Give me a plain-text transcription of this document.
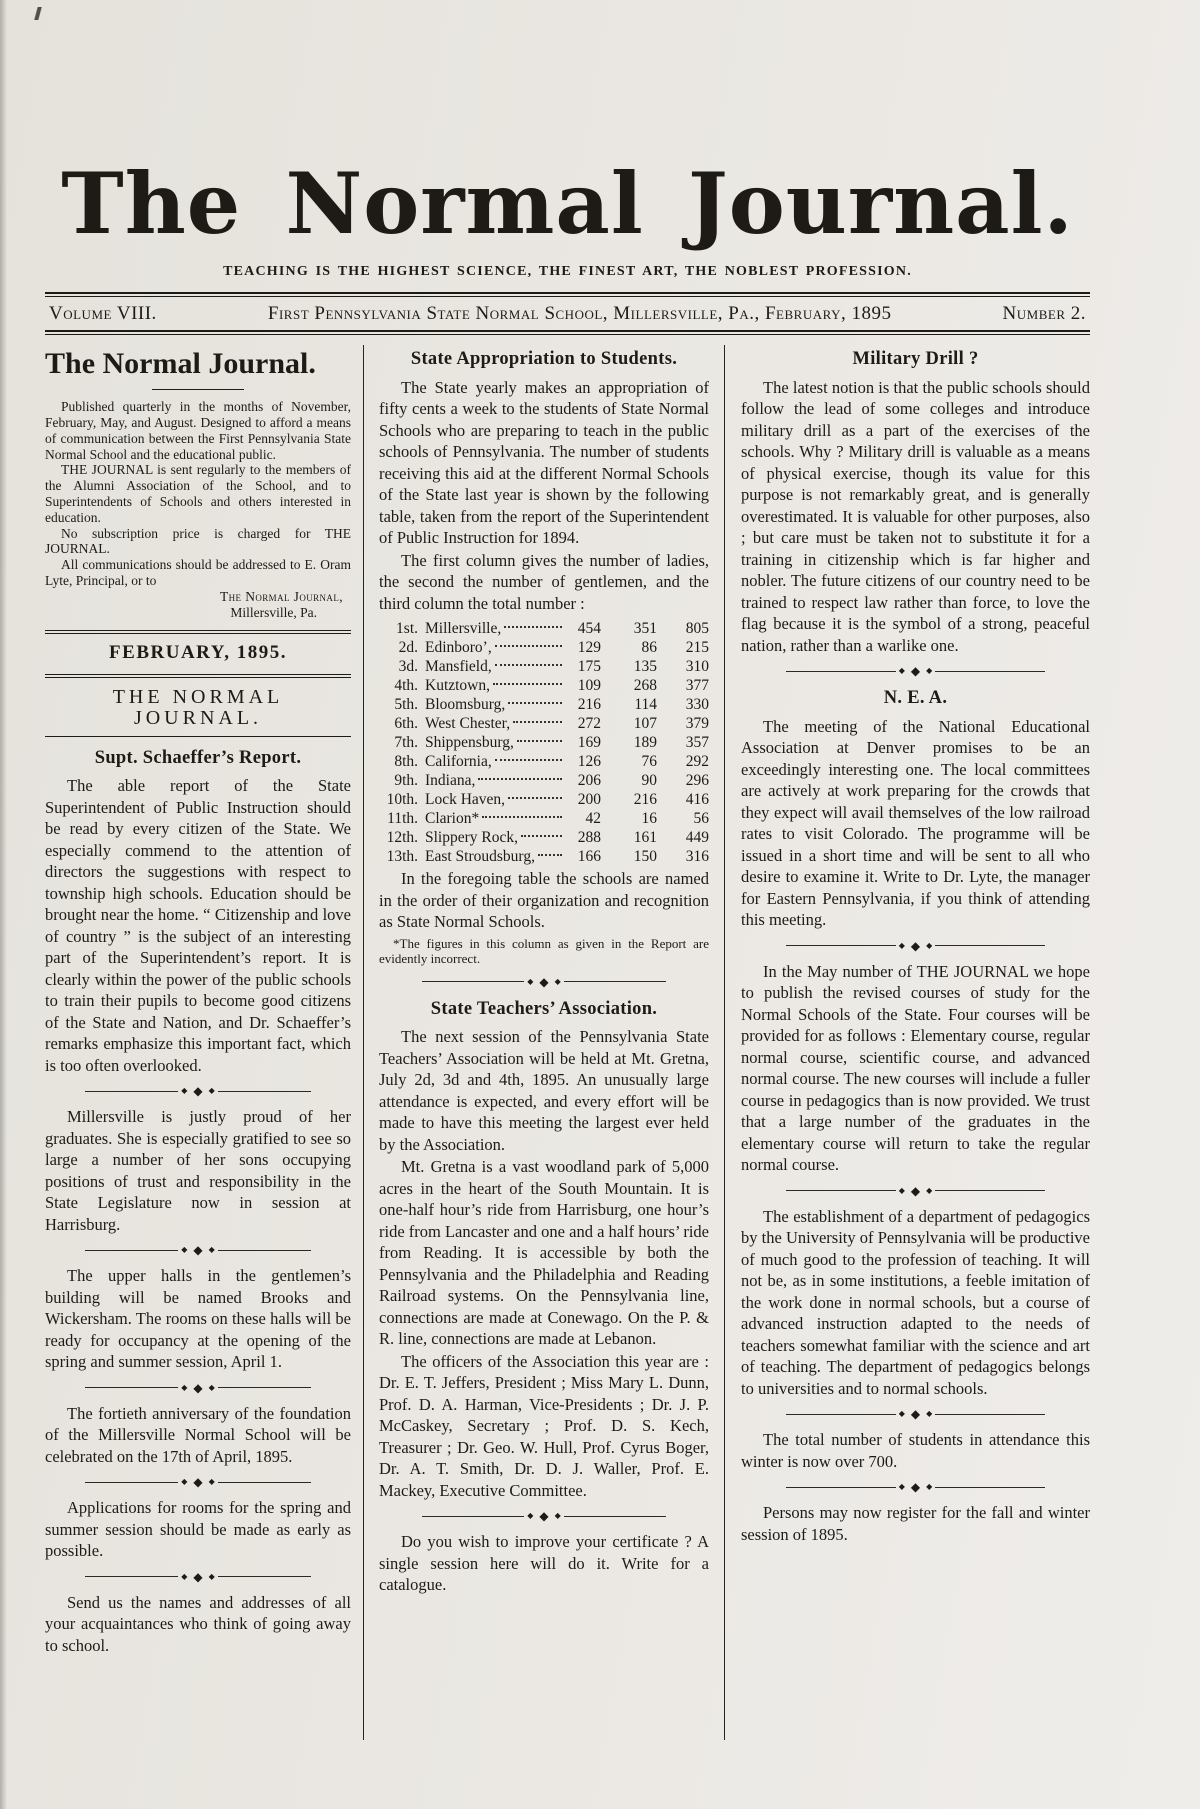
The Normal Journal.
TEACHING IS THE HIGHEST SCIENCE, THE FINEST ART, THE NOBLEST PROFESSION.
Volume VIII.	First Pennsylvania State Normal School, Millersville, Pa., February, 1895	Number 2.
The Normal Journal.

Published quarterly in the months of November, February, May, and August. Designed to afford a means of communication between the First Pennsylvania State Normal School and the educational public.

THE JOURNAL is sent regularly to the members of the Alumni Association of the School, and to Superintendents of Schools and others interested in education.

No subscription price is charged for THE JOURNAL.

All communications should be addressed to E. Oram Lyte, Principal, or to

The Normal Journal,
Millersville, Pa.
FEBRUARY, 1895.
THE NORMAL JOURNAL.
Supt. Schaeffer’s Report.

The able report of the State Superintendent of Public Instruction should be read by every citizen of the State. We especially commend to the attention of directors the suggestions with respect to township high schools. Education should be brought near the home. “ Citizenship and love of country ” is the subject of an interesting part of the Superintendent’s report. It is clearly within the power of the public schools to train their pupils to become good citizens of the State and Nation, and Dr. Schaeffer’s remarks emphasize this important fact, which is too often overlooked.

◆
◆
◆

Millersville is justly proud of her graduates. She is especially gratified to see so large a number of her sons occupying positions of trust and responsibility in the State Legislature now in session at Harrisburg.

◆
◆
◆

The upper halls in the gentlemen’s building will be named Brooks and Wickersham. The rooms on these halls will be ready for occupancy at the opening of the spring and summer session, April 1.

◆
◆
◆

The fortieth anniversary of the foundation of the Millersville Normal School will be celebrated on the 17th of April, 1895.

◆
◆
◆

Applications for rooms for the spring and summer session should be made as early as possible.

◆
◆
◆

Send us the names and addresses of all your acquaintances who think of going away to school.

State Appropriation to Students.

The State yearly makes an appropriation of fifty cents a week to the students of State Normal Schools who are preparing to teach in the public schools of Pennsylvania. The number of students receiving this aid at the different Normal Schools of the State last year is shown by the following table, taken from the report of the Superintendent of Public Instruction for 1894.

The first column gives the number of ladies, the second the number of gentlemen, and the third column the total number :

1st. Millersville,	454	351	805
2d. Edinboro’,	129	86	215
3d. Mansfield,	175	135	310
4th. Kutztown,	109	268	377
5th. Bloomsburg,	216	114	330
6th. West Chester,	272	107	379
7th. Shippensburg,	169	189	357
8th. California,	126	76	292
9th. Indiana,	206	90	296
10th. Lock Haven,	200	216	416
11th. Clarion*	42	16	56
12th. Slippery Rock,	288	161	449
13th. East Stroudsburg,	166	150	316

In the foregoing table the schools are named in the order of their organization and recognition as State Normal Schools.

*The figures in this column as given in the Report are evidently incorrect.

◆
◆
◆
State Teachers’ Association.

The next session of the Pennsylvania State Teachers’ Association will be held at Mt. Gretna, July 2d, 3d and 4th, 1895. An unusually large attendance is expected, and every effort will be made to have this meeting the largest ever held by the Association.

Mt. Gretna is a vast woodland park of 5,000 acres in the heart of the South Mountain. It is one-half hour’s ride from Harrisburg, one hour’s ride from Lancaster and one and a half hours’ ride from Reading. It is accessible by both the Pennsylvania and the Philadelphia and Reading Railroad systems. On the Pennsylvania line, connections are made at Conewago. On the P. & R. line, connections are made at Lebanon.

The officers of the Association this year are : Dr. E. T. Jeffers, President ; Miss Mary L. Dunn, Prof. D. A. Harman, Vice-Presidents ; Dr. J. P. McCaskey, Secretary ; Prof. D. S. Kech, Treasurer ; Dr. Geo. W. Hull, Prof. Cyrus Boger, Dr. A. T. Smith, Dr. D. J. Waller, Prof. E. Mackey, Executive Committee.

◆
◆
◆

Do you wish to improve your certificate ? A single session here will do it. Write for a catalogue.

Military Drill ?

The latest notion is that the public schools should follow the lead of some colleges and introduce military drill as a part of the exercises of the schools. Why ? Military drill is valuable as a means of physical exercise, though its value for this purpose is not remarkably great, and is generally overestimated. It is valuable for other purposes, also ; but care must be taken not to substitute it for a training in citizenship which is far higher and nobler. The future citizens of our country need to be trained to respect law rather than force, to love the flag because it is the symbol of a strong, peaceful nation, rather than a warlike one.

◆
◆
◆
N. E. A.

The meeting of the National Educational Association at Denver promises to be an exceedingly interesting one. The local committees are actively at work preparing for the crowds that they expect will avail themselves of the low railroad rates to visit Colorado. The programme will be issued in a short time and will be sent to all who desire to examine it. Write to Dr. Lyte, the manager for Eastern Pennsylvania, if you think of attending this meeting.

◆
◆
◆

In the May number of THE JOURNAL we hope to publish the revised courses of study for the Normal Schools of the State. Four courses will be provided for as follows : Elementary course, regular normal course, scientific course, and advanced normal course. The new courses will include a fuller course in pedagogics than is now provided. We trust that a large number of the graduates in the elementary course will return to take the regular normal course.

◆
◆
◆

The establishment of a department of pedagogics by the University of Pennsylvania will be productive of much good to the profession of teaching. It will not be, as in some institutions, a feeble imitation of the work done in normal schools, but a course of advanced instruction adapted to the needs of teachers somewhat familiar with the science and art of teaching. The department of pedagogics belongs to universities and to normal schools.

◆
◆
◆

The total number of students in attendance this winter is now over 700.

◆
◆
◆

Persons may now register for the fall and winter session of 1895.
